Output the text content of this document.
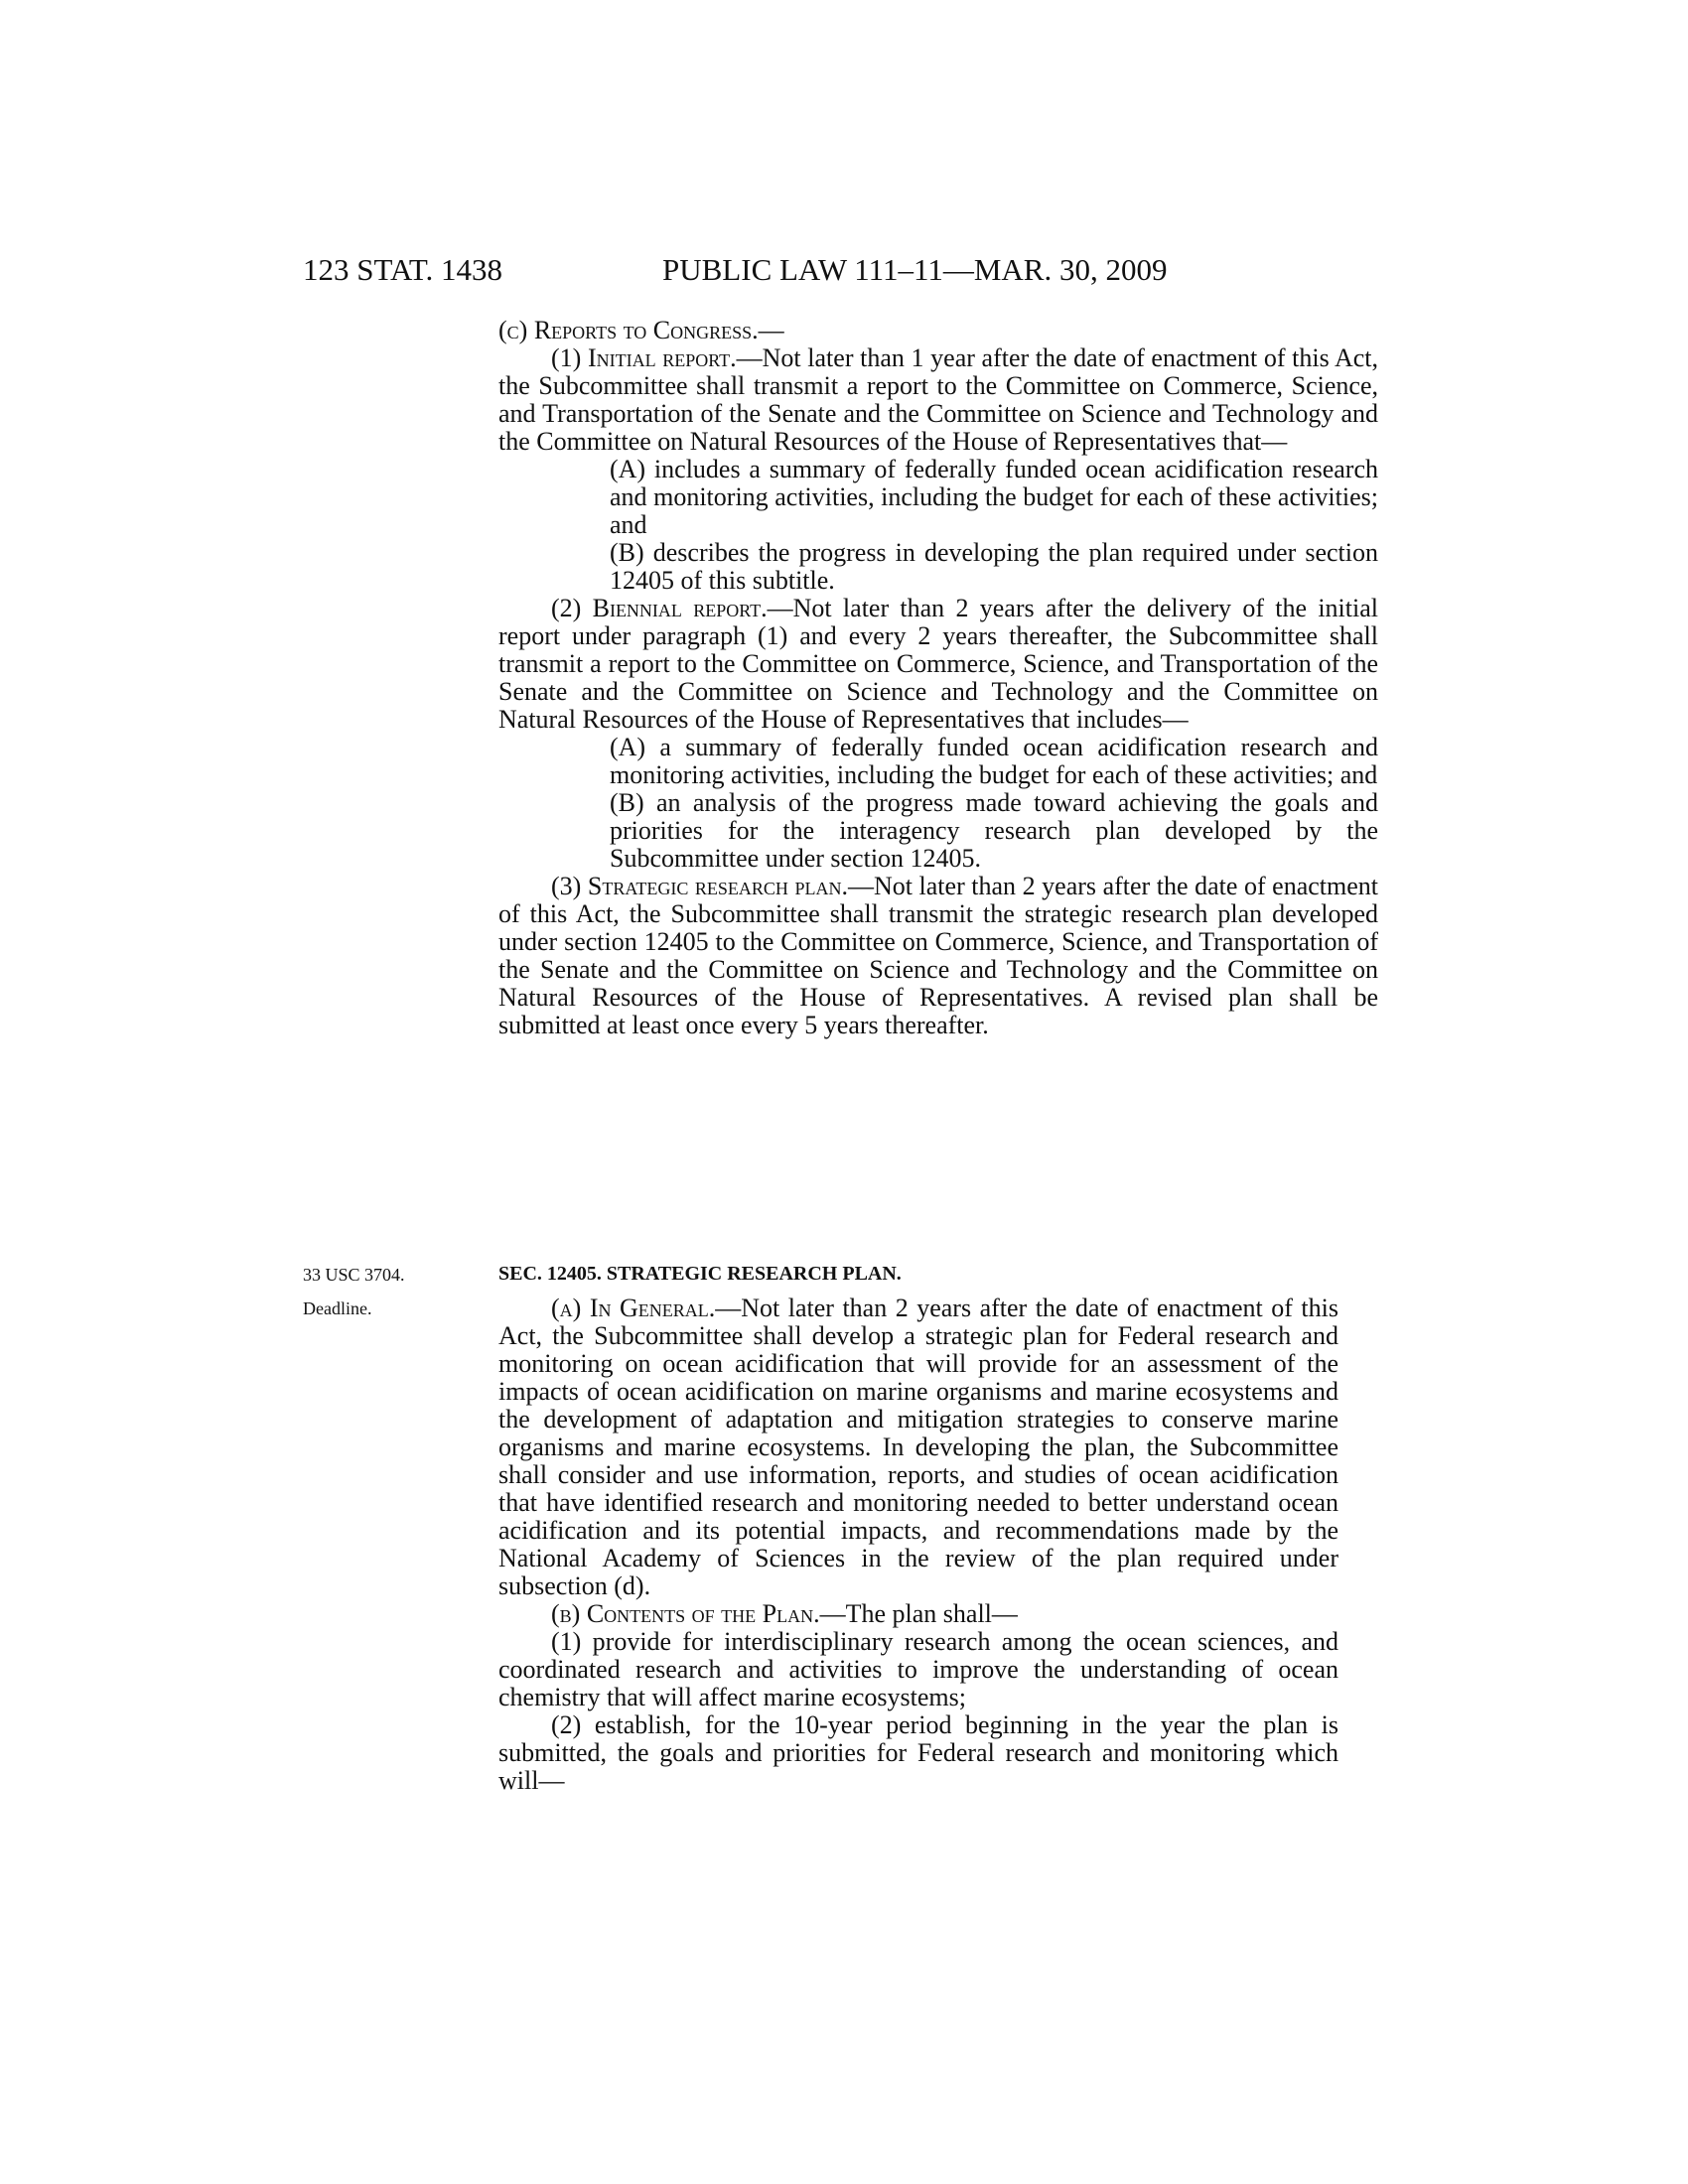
123 STAT. 1438	PUBLIC LAW 111–11—MAR. 30, 2009

(c) Reports to Congress.—

(1) Initial report.—Not later than 1 year after the date of enactment of this Act, the Subcommittee shall transmit a report to the Committee on Commerce, Science, and Transportation of the Senate and the Committee on Science and Technology and the Committee on Natural Resources of the House of Representatives that—

(A) includes a summary of federally funded ocean acidification research and monitoring activities, including the budget for each of these activities; and

(B) describes the progress in developing the plan required under section 12405 of this subtitle.

(2) Biennial report.—Not later than 2 years after the delivery of the initial report under paragraph (1) and every 2 years thereafter, the Subcommittee shall transmit a report to the Committee on Commerce, Science, and Transportation of the Senate and the Committee on Science and Technology and the Committee on Natural Resources of the House of Representatives that includes—

(A) a summary of federally funded ocean acidification research and monitoring activities, including the budget for each of these activities; and

(B) an analysis of the progress made toward achieving the goals and priorities for the interagency research plan developed by the Subcommittee under section 12405.

(3) Strategic research plan.—Not later than 2 years after the date of enactment of this Act, the Subcommittee shall transmit the strategic research plan developed under section 12405 to the Committee on Commerce, Science, and Transportation of the Senate and the Committee on Science and Technology and the Committee on Natural Resources of the House of Representatives. A revised plan shall be submitted at least once every 5 years thereafter.

33 USC 3704.	SEC. 12405. STRATEGIC RESEARCH PLAN.
Deadline.	(a) In General.—Not later than 2 years after the date of enactment of this Act, the Subcommittee shall develop a strategic plan for Federal research and monitoring on ocean acidification that will provide for an assessment of the impacts of ocean acidification on marine organisms and marine ecosystems and the development of adaptation and mitigation strategies to conserve marine organisms and marine ecosystems. In developing the plan, the Subcommittee shall consider and use information, reports, and studies of ocean acidification that have identified research and monitoring needed to better understand ocean acidification and its potential impacts, and recommendations made by the National Academy of Sciences in the review of the plan required under subsection (d).

(b) Contents of the Plan.—The plan shall—

(1) provide for interdisciplinary research among the ocean sciences, and coordinated research and activities to improve the understanding of ocean chemistry that will affect marine ecosystems;

(2) establish, for the 10-year period beginning in the year the plan is submitted, the goals and priorities for Federal research and monitoring which will—
